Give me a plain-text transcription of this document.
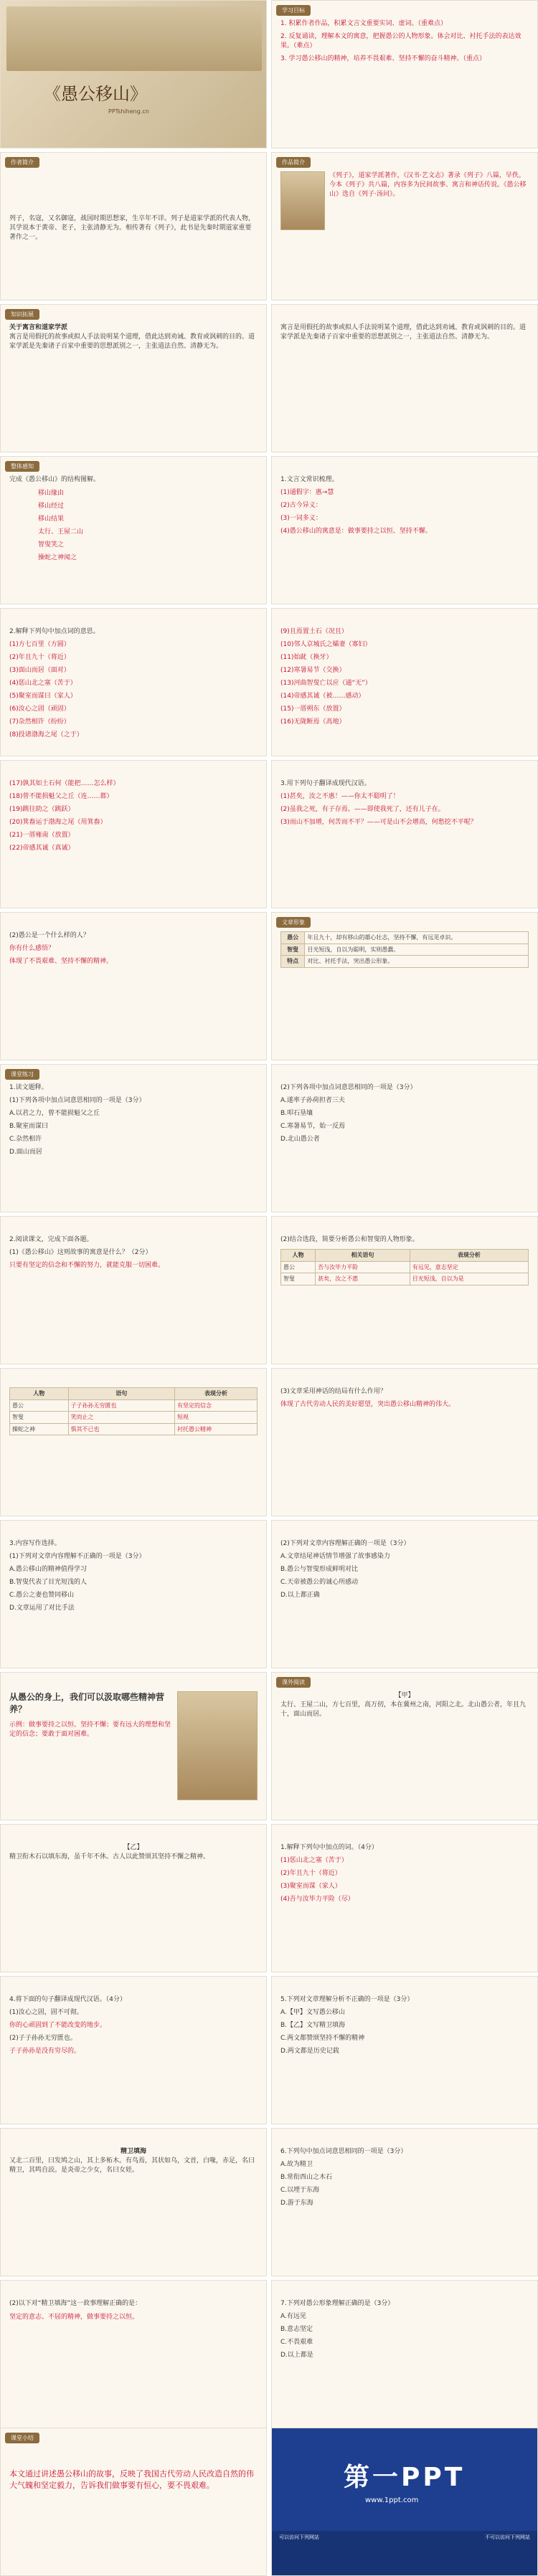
《愚公移山》
PPTshiheng.cn
学习目标
1. 积累作者作品，积累文言文重要实词、虚词。（重难点）
2. 反复诵读，理解本文的寓意，把握愚公的人物形象。体会对比、衬托手法的表达效果。（难点）
3. 学习愚公移山的精神，培养不畏艰难、坚持不懈的奋斗精神。（重点）
作者简介
列子，名寇，又名御寇，战国时期思想家，生卒年不详。列子是道家学派的代表人物，其学说本于黄帝、老子，主张清静无为。相传著有《列子》，此书是先秦时期道家重要著作之一。
作品简介
《列子》，道家学派著作，《汉书·艺文志》著录《列子》八篇，早佚。今本《列子》共八篇，内容多为民间故事、寓言和神话传说。《愚公移山》选自《列子·汤问》。
知识拓展
关于寓言和道家学派
寓言是用假托的故事或拟人手法说明某个道理，借此达到劝诫、教育或讽刺的目的。道家学派是先秦诸子百家中重要的思想派别之一，主张道法自然、清静无为。
寓言是用假托的故事或拟人手法说明某个道理，借此达到劝诫、教育或讽刺的目的。道家学派是先秦诸子百家中重要的思想派别之一，主张道法自然、清静无为。
整体感知
完成《愚公移山》的结构图解。
移山缘由
移山经过
移山结果
太行、王屋二山
智叟笑之
操蛇之神闻之
1.文言文常识梳理。
(1)通假字：惠→慧
(2)古今异义：
(3)一词多义：
(4)愚公移山的寓意是：做事要持之以恒、坚持不懈。
2.解释下列句中加点词的意思。
(1)方七百里（方圆）
(2)年且九十（将近）
(3)面山而居（面对）
(4)惩山北之塞（苦于）
(5)聚室而谋曰（家人）
(6)汝心之固（顽固）
(7)杂然相许（纷纷）
(8)投诸渤海之尾（之于）
(9)且焉置土石（况且）
(10)邻人京城氏之孀妻（寡妇）
(11)始龀（换牙）
(12)寒暑易节（交换）
(13)河曲智叟亡以应（通“无”）
(14)帝感其诚（被……感动）
(15)一厝朔东（放置）
(16)无陇断焉（高地）
(17)孰其如土石何（能把……怎么样）
(18)曾不能损魁父之丘（连……都）
(19)跳往助之（跳跃）
(20)箕畚运于渤海之尾（用箕畚）
(21)一厝雍南（放置）
(22)帝感其诚（真诚）
3.用下列句子翻译成现代汉语。
(1)甚矣，汝之不惠！——你太不聪明了！
(2)虽我之死，有子存焉。——即使我死了，还有儿子在。
(3)而山不加增，何苦而不平？——可是山不会增高，何愁挖不平呢？
(2)愚公是一个什么样的人？
你有什么感悟？
体现了不畏艰难、坚持不懈的精神。
文章形象
愚公	年且九十，却有移山的雄心壮志，坚持不懈，有远见卓识。
智叟	目光短浅，自以为聪明，实则愚蠢。
特点	对比、衬托手法，突出愚公形象。
课堂练习
1.读文题释。
(1)下列各项中加点词意思相同的一项是（3分）
A.以君之力，曾不能损魁父之丘
B.聚室而谋曰
C.杂然相许
D.面山而居
(2)下列各项中加点词意思相同的一项是（3分）
A.遂率子孙荷担者三夫
B.叩石垦壤
C.寒暑易节，始一反焉
D.北山愚公者
2.阅读课文，完成下面各题。
(1)《愚公移山》这则故事的寓意是什么？（2分）
只要有坚定的信念和不懈的努力，就能克服一切困难。
(2)结合选段，简要分析愚公和智叟的人物形象。
人物	相关语句	表现分析
愚公	吾与汝毕力平险	有远见，意志坚定
智叟	甚矣，汝之不惠	目光短浅，自以为是
人物	语句	表现分析
愚公	子子孙孙无穷匮也	有坚定的信念
智叟	笑而止之	短视
操蛇之神	惧其不已也	衬托愚公精神
(3)文章采用神话的结局有什么作用？
体现了古代劳动人民的美好愿望，突出愚公移山精神的伟大。
3.内容写作选择。
(1)下列对文章内容理解不正确的一项是（3分）
A.愚公移山的精神值得学习
B.智叟代表了目光短浅的人
C.愚公之妻也赞同移山
D.文章运用了对比手法
(2)下列对文章内容理解正确的一项是（3分）
A.文章结尾神话情节增强了故事感染力
B.愚公与智叟形成鲜明对比
C.天帝被愚公的诚心所感动
D.以上都正确
从愚公的身上，我们可以汲取哪些精神营养？
示例：做事要持之以恒、坚持不懈；要有远大的理想和坚定的信念；要敢于面对困难。
课外阅读
【甲】
太行、王屋二山，方七百里，高万仞，本在冀州之南，河阳之北。北山愚公者，年且九十，面山而居。
【乙】
精卫衔木石以填东海，虽千年不休。古人以此赞颂其坚持不懈之精神。
1.解释下列句中加点的词。（4分）
(1)惩山北之塞（苦于）
(2)年且九十（将近）
(3)聚室而谋（家人）
(4)吾与汝毕力平险（尽）
4.将下面的句子翻译成现代汉语。（4分）
(1)汝心之固，固不可彻。
你的心顽固到了不能改变的地步。
(2)子子孙孙无穷匮也。
子子孙孙是没有穷尽的。
5.下列对文章理解分析不正确的一项是（3分）
A.【甲】文写愚公移山
B.【乙】文写精卫填海
C.两文都赞颂坚持不懈的精神
D.两文都是历史记载
精卫填海
又北二百里，曰发鸠之山，其上多柘木。有鸟焉，其状如乌，文首，白喙，赤足，名曰精卫，其鸣自詨。是炎帝之少女，名曰女娃。
6.下列句中加点词意思相同的一项是（3分）
A.故为精卫
B.常衔西山之木石
C.以堙于东海
D.游于东海
(2)以下对“精卫填海”这一故事理解正确的是：
坚定的意志、不屈的精神，做事要持之以恒。
7.下列对愚公形象理解正确的是（3分）
A.有远见
B.意志坚定
C.不畏艰难
D.以上都是
课堂小结
本文通过讲述愚公移山的故事，反映了我国古代劳动人民改造自然的伟大气魄和坚定毅力，告诉我们做事要有恒心，要不畏艰难。	第一PPT
www.1ppt.com
可以访问下列网站	不可以访问下列网站
